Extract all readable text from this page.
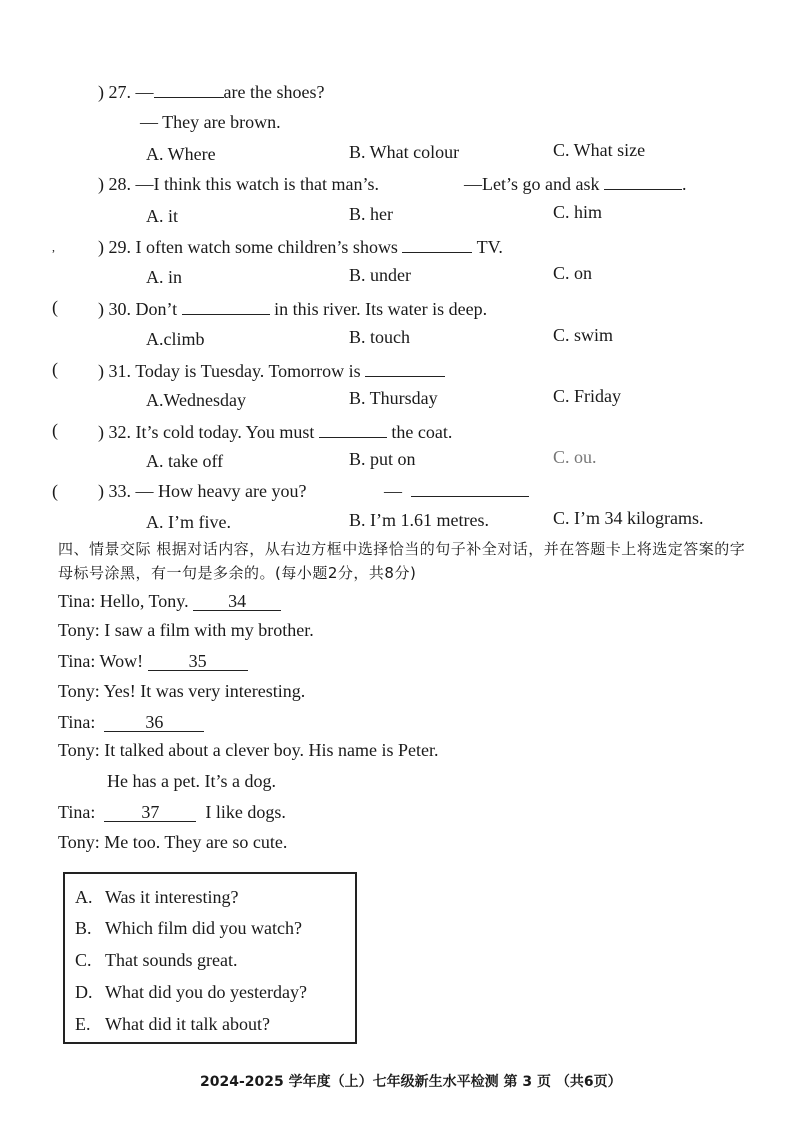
) 27. —	are the shoes?
— They are brown.
A. Where	B. What colour	C. What size
) 28. —I think this watch is that man’s.	—Let’s go and ask	.
A. it	B. her	C. him
, ) 29. I often watch some children’s shows	TV.
A. in	B. under	C. on
( ) 30. Don’t	in this river. Its water is deep.
A.climb	B. touch	C. swim
( ) 31. Today is Tuesday. Tomorrow is
A.Wednesday	B. Thursday	C. Friday
( ) 32. It’s cold today. You must	the coat.
A. take off	B. put on	C. ou.
( ) 33. — How heavy are you?	—
A. I’m five.	B. I’m 1.61 metres.	C. I’m 34 kilograms.
四、情景交际 根据对话内容，从右边方框中选择恰当的句子补全对话，并在答题卡上将选定答案的字母标号涂黑，有一句是多余的。(每小题2分，共8分)
Tina: Hello, Tony. 34
Tony: I saw a film with my brother.
Tina: Wow!	35
Tony: Yes! It was very interesting.
Tina:	36
Tony: It talked about a clever boy. His name is Peter.
He has a pet. It’s a dog.
Tina:	37	I like dogs.
Tony: Me too. They are so cute.
A. Was it interesting?
B. Which film did you watch?
C. That sounds great.
D. What did you do yesterday?
E. What did it talk about?
2024-2025 学年度（上）七年级新生水平检测 第 3 页 （共6页）
